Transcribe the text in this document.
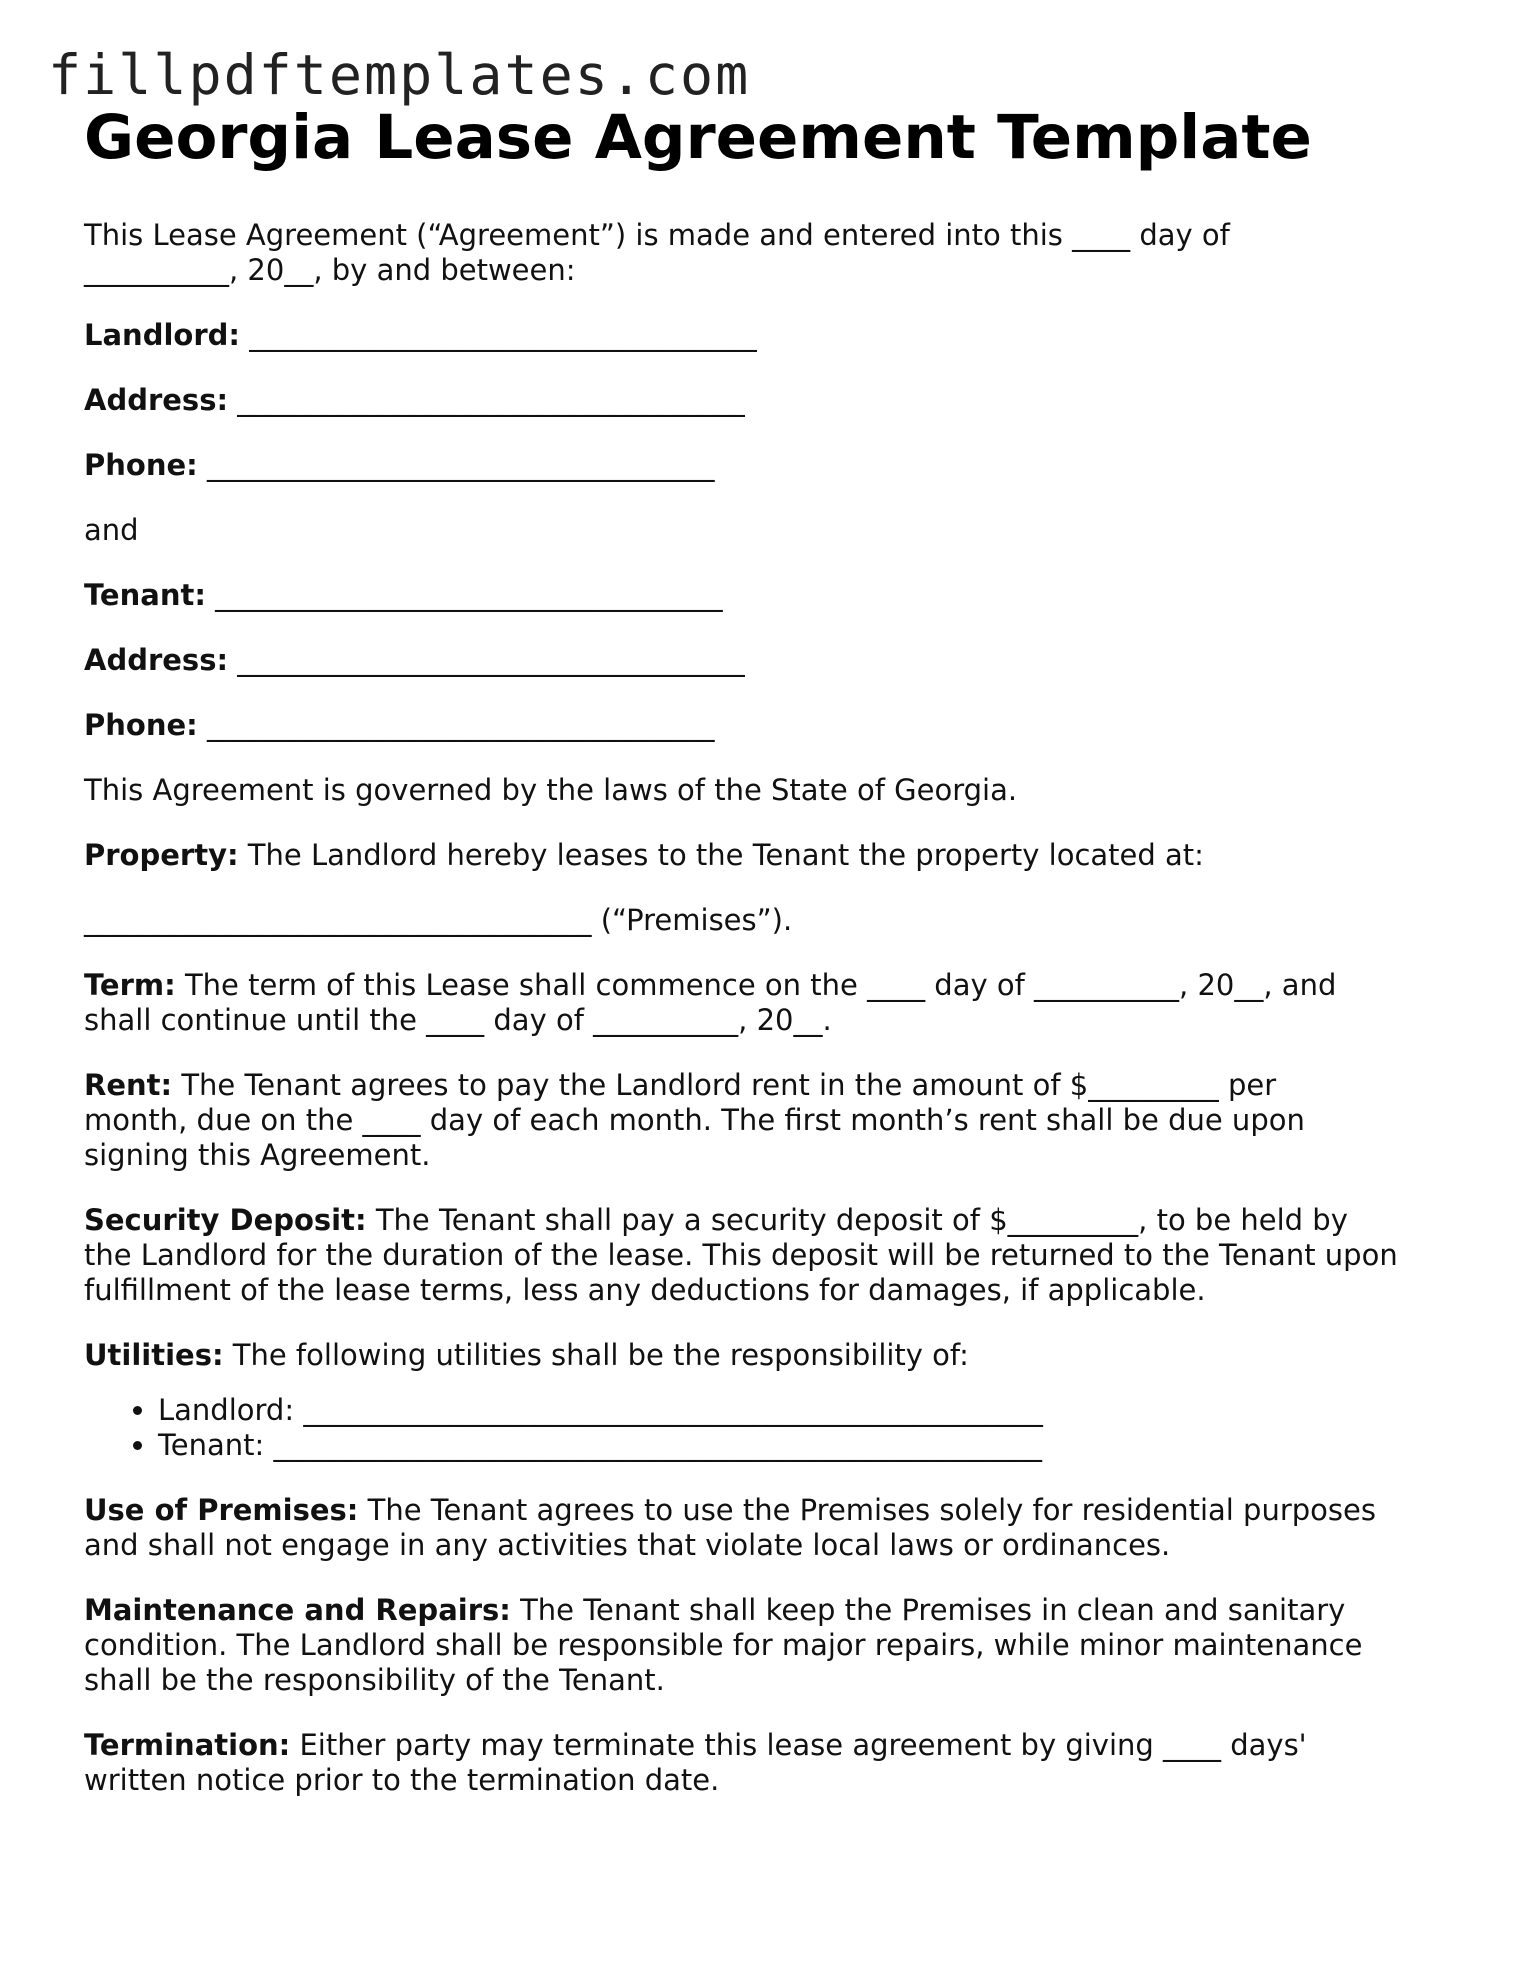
fillpdftemplates.com
Georgia Lease Agreement Template

This Lease Agreement (“Agreement”) is made and entered into this ____ day of
__________, 20__, by and between:

Landlord: ___________________________________

Address: ___________________________________

Phone: ___________________________________

and

Tenant: ___________________________________

Address: ___________________________________

Phone: ___________________________________

This Agreement is governed by the laws of the State of Georgia.

Property: The Landlord hereby leases to the Tenant the property located at:

___________________________________ (“Premises”).

Term: The term of this Lease shall commence on the ____ day of __________, 20__, and
shall continue until the ____ day of __________, 20__.

Rent: The Tenant agrees to pay the Landlord rent in the amount of $_________ per
month, due on the ____ day of each month. The first month’s rent shall be due upon
signing this Agreement.

Security Deposit: The Tenant shall pay a security deposit of $_________, to be held by
the Landlord for the duration of the lease. This deposit will be returned to the Tenant upon
fulfillment of the lease terms, less any deductions for damages, if applicable.

Utilities: The following utilities shall be the responsibility of:

• Landlord: ___________________________________________________
• Tenant: _____________________________________________________

Use of Premises: The Tenant agrees to use the Premises solely for residential purposes
and shall not engage in any activities that violate local laws or ordinances.

Maintenance and Repairs: The Tenant shall keep the Premises in clean and sanitary
condition. The Landlord shall be responsible for major repairs, while minor maintenance
shall be the responsibility of the Tenant.

Termination: Either party may terminate this lease agreement by giving ____ days'
written notice prior to the termination date.
